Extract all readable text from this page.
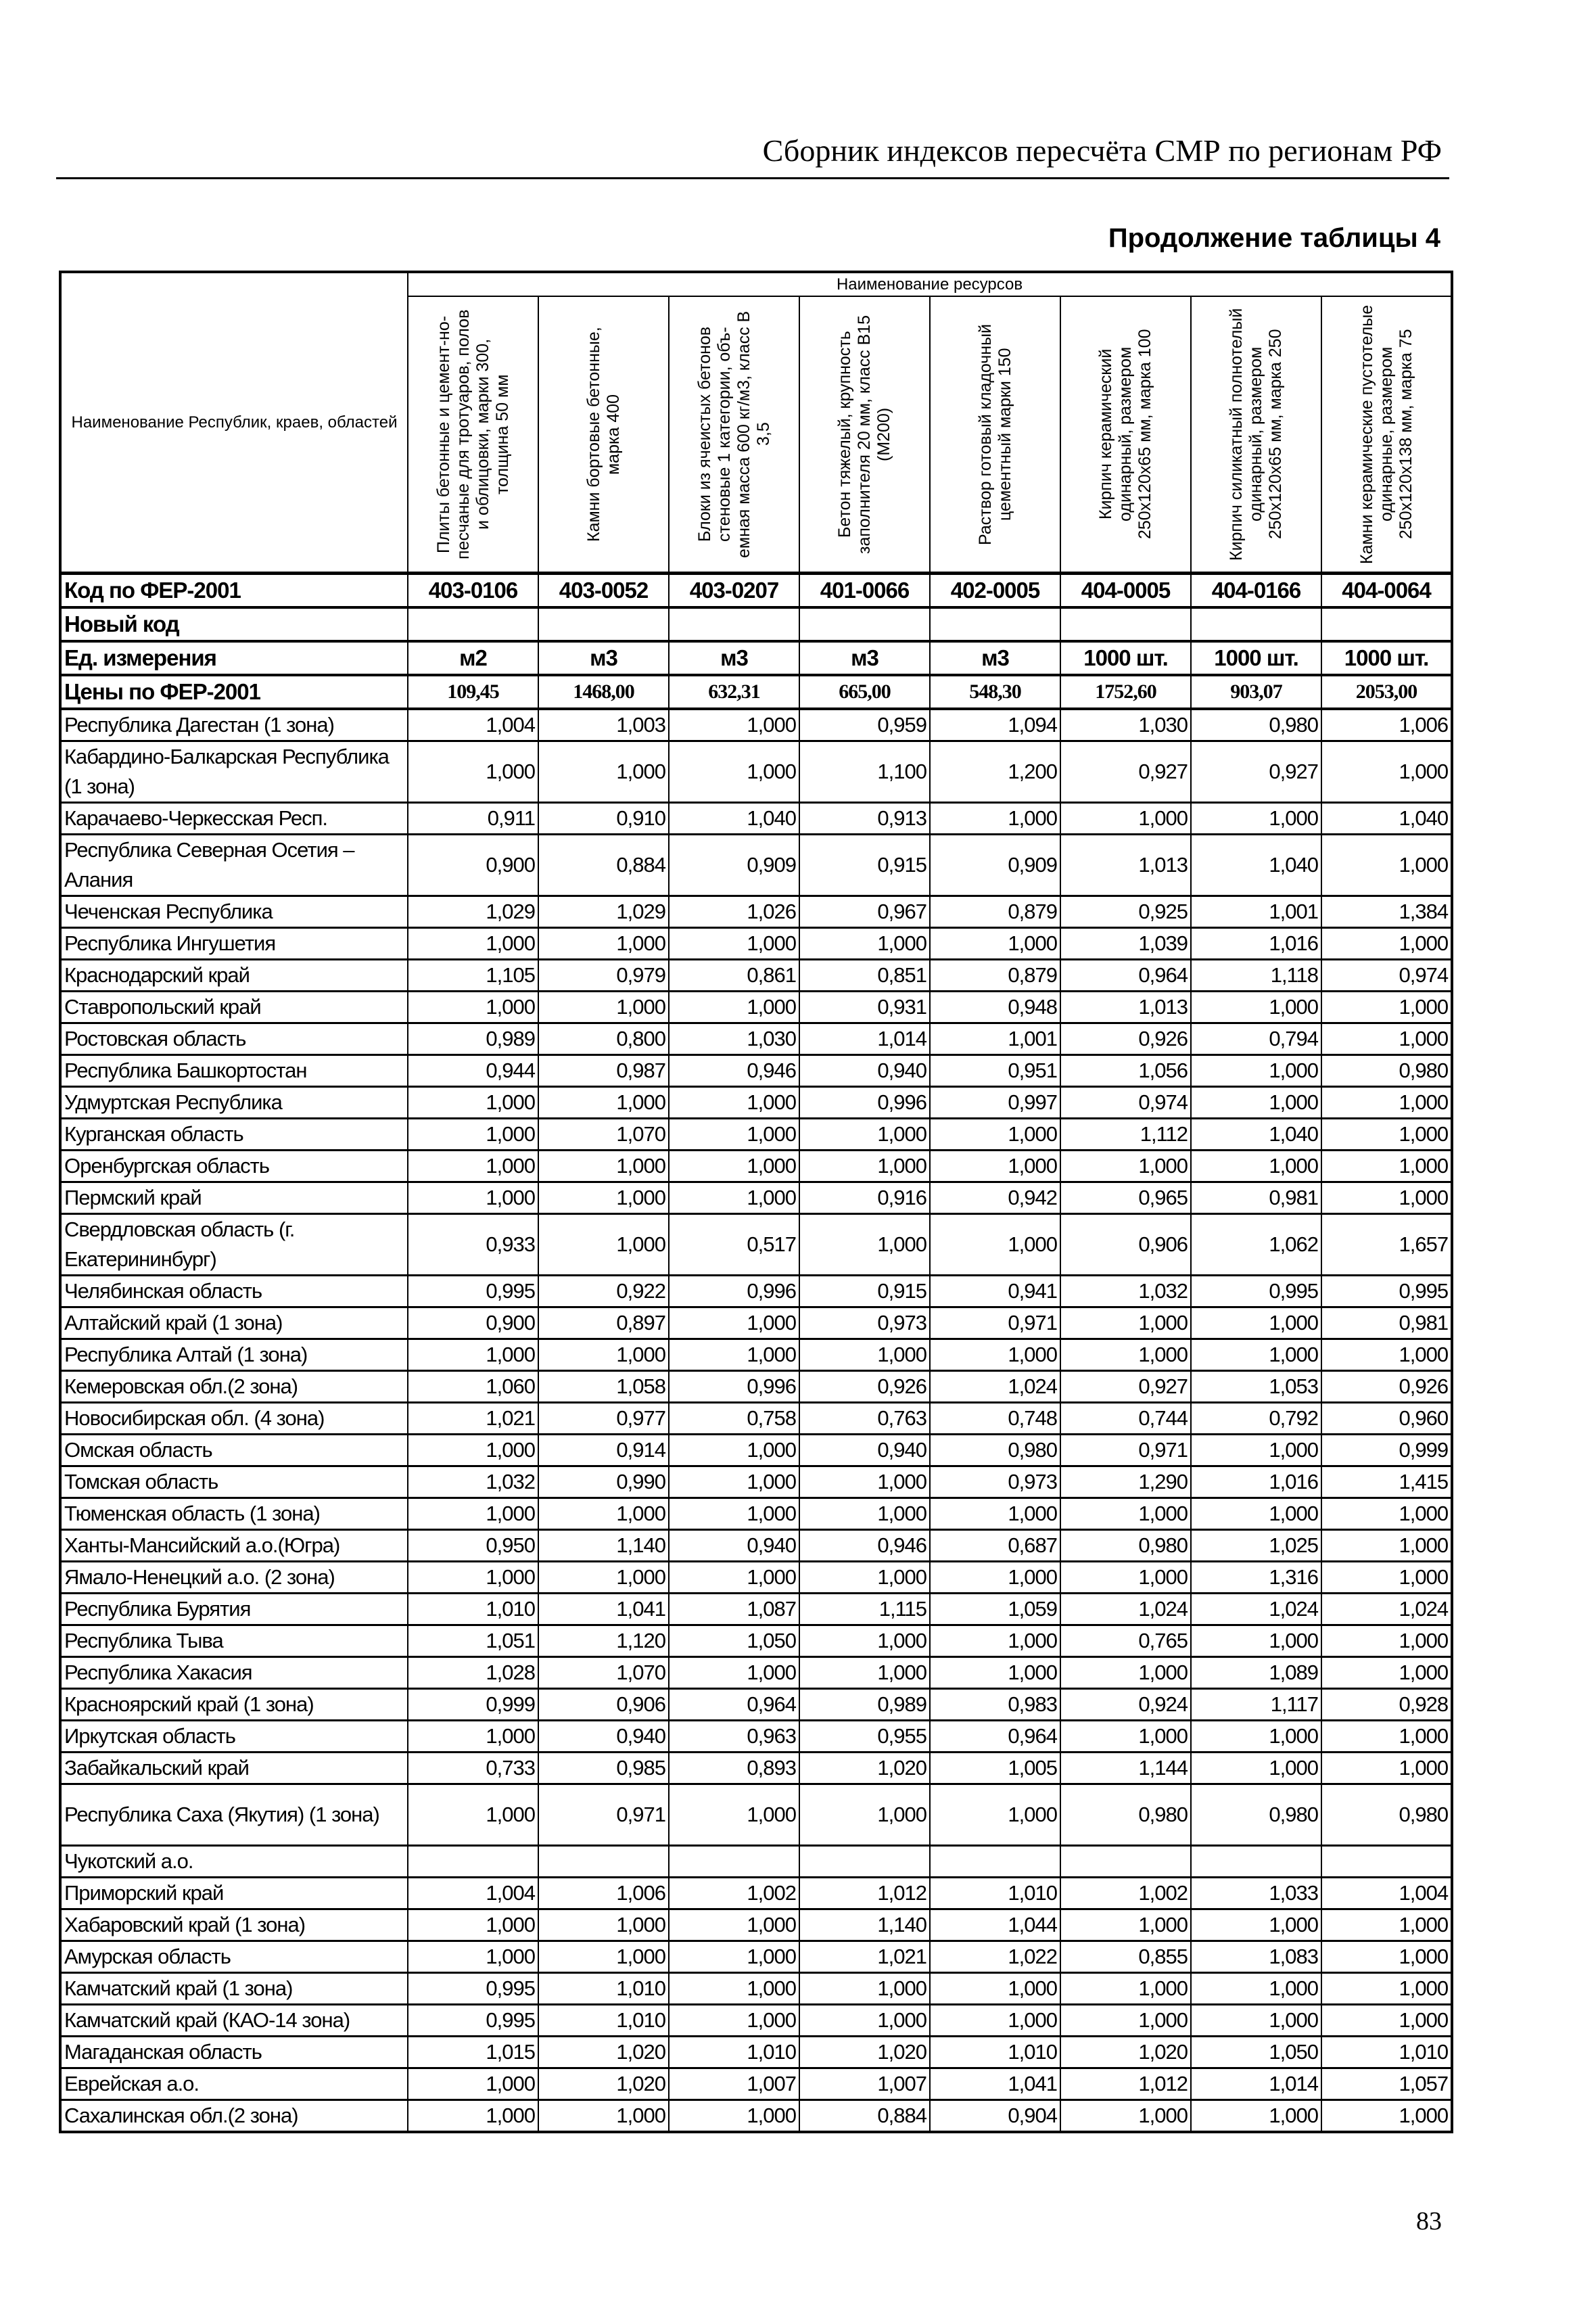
Сборник индексов пересчёта СМР по регионам РФ
Продолжение таблицы 4
Наименование Республик, краев, областей	Наименование ресурсов							

	Плиты бетонные и цемент-но-песчаные для тротуаров, полов и облицовки, марки 300, толщина 50 мм	Камни бортовые бетонные, марка 400	Блоки из ячеистых бетонов стеновые 1 категории, объ-емная масса 600 кг/м3, класс В 3,5	Бетон тяжелый, крупность заполнителя 20 мм, класс В15 (М200)	Раствор готовый кладочный цементный марки 150	Кирпич керамический одинарный, размером 250х120х65 мм, марка 100	Кирпич силикатный полнотелый одинарный, размером 250х120х65 мм, марка 250	Камни керамические пустотелые одинарные, размером 250х120х138 мм, марка 75

Код по ФЕР-2001	403-0106	403-0052	403-0207	401-0066	402-0005	404-0005	404-0166	404-0064
Новый код								
Ед. измерения	м2	м3	м3	м3	м3	1000 шт.	1000 шт.	1000 шт.
Цены по ФЕР-2001	109,45	1468,00	632,31	665,00	548,30	1752,60	903,07	2053,00
Республика Дагестан (1 зона)	1,004	1,003	1,000	0,959	1,094	1,030	0,980	1,006
Кабардино-Балкарская Республика (1 зона)	1,000	1,000	1,000	1,100	1,200	0,927	0,927	1,000
Карачаево-Черкесская Респ.	0,911	0,910	1,040	0,913	1,000	1,000	1,000	1,040
Республика Северная Осетия – Алания	0,900	0,884	0,909	0,915	0,909	1,013	1,040	1,000
Чеченская Республика	1,029	1,029	1,026	0,967	0,879	0,925	1,001	1,384
Республика Ингушетия	1,000	1,000	1,000	1,000	1,000	1,039	1,016	1,000
Краснодарский край	1,105	0,979	0,861	0,851	0,879	0,964	1,118	0,974
Ставропольский край	1,000	1,000	1,000	0,931	0,948	1,013	1,000	1,000
Ростовская область	0,989	0,800	1,030	1,014	1,001	0,926	0,794	1,000
Республика Башкортостан	0,944	0,987	0,946	0,940	0,951	1,056	1,000	0,980
Удмуртская Республика	1,000	1,000	1,000	0,996	0,997	0,974	1,000	1,000
Курганская область	1,000	1,070	1,000	1,000	1,000	1,112	1,040	1,000
Оренбургская область	1,000	1,000	1,000	1,000	1,000	1,000	1,000	1,000
Пермский край	1,000	1,000	1,000	0,916	0,942	0,965	0,981	1,000
Свердловская область (г. Екатерининбург)	0,933	1,000	0,517	1,000	1,000	0,906	1,062	1,657
Челябинская область	0,995	0,922	0,996	0,915	0,941	1,032	0,995	0,995
Алтайский край (1 зона)	0,900	0,897	1,000	0,973	0,971	1,000	1,000	0,981
Республика Алтай (1 зона)	1,000	1,000	1,000	1,000	1,000	1,000	1,000	1,000
Кемеровская обл.(2 зона)	1,060	1,058	0,996	0,926	1,024	0,927	1,053	0,926
Новосибирская обл. (4 зона)	1,021	0,977	0,758	0,763	0,748	0,744	0,792	0,960
Омская область	1,000	0,914	1,000	0,940	0,980	0,971	1,000	0,999
Томская область	1,032	0,990	1,000	1,000	0,973	1,290	1,016	1,415
Тюменская область (1 зона)	1,000	1,000	1,000	1,000	1,000	1,000	1,000	1,000
Ханты-Мансийский а.о.(Югра)	0,950	1,140	0,940	0,946	0,687	0,980	1,025	1,000
Ямало-Ненецкий а.о. (2 зона)	1,000	1,000	1,000	1,000	1,000	1,000	1,316	1,000
Республика Бурятия	1,010	1,041	1,087	1,115	1,059	1,024	1,024	1,024
Республика Тыва	1,051	1,120	1,050	1,000	1,000	0,765	1,000	1,000
Республика Хакасия	1,028	1,070	1,000	1,000	1,000	1,000	1,089	1,000
Красноярский край (1 зона)	0,999	0,906	0,964	0,989	0,983	0,924	1,117	0,928
Иркутская область	1,000	0,940	0,963	0,955	0,964	1,000	1,000	1,000
Забайкальский край	0,733	0,985	0,893	1,020	1,005	1,144	1,000	1,000
Республика Саха (Якутия) (1 зона)	1,000	0,971	1,000	1,000	1,000	0,980	0,980	0,980
Чукотский а.о.								
Приморский край	1,004	1,006	1,002	1,012	1,010	1,002	1,033	1,004
Хабаровский край (1 зона)	1,000	1,000	1,000	1,140	1,044	1,000	1,000	1,000
Амурская область	1,000	1,000	1,000	1,021	1,022	0,855	1,083	1,000
Камчатский край (1 зона)	0,995	1,010	1,000	1,000	1,000	1,000	1,000	1,000
Камчатский край (КАО-14 зона)	0,995	1,010	1,000	1,000	1,000	1,000	1,000	1,000
Магаданская область	1,015	1,020	1,010	1,020	1,010	1,020	1,050	1,010
Еврейская а.о.	1,000	1,020	1,007	1,007	1,041	1,012	1,014	1,057
Сахалинская обл.(2 зона)	1,000	1,000	1,000	0,884	0,904	1,000	1,000	1,000
83
